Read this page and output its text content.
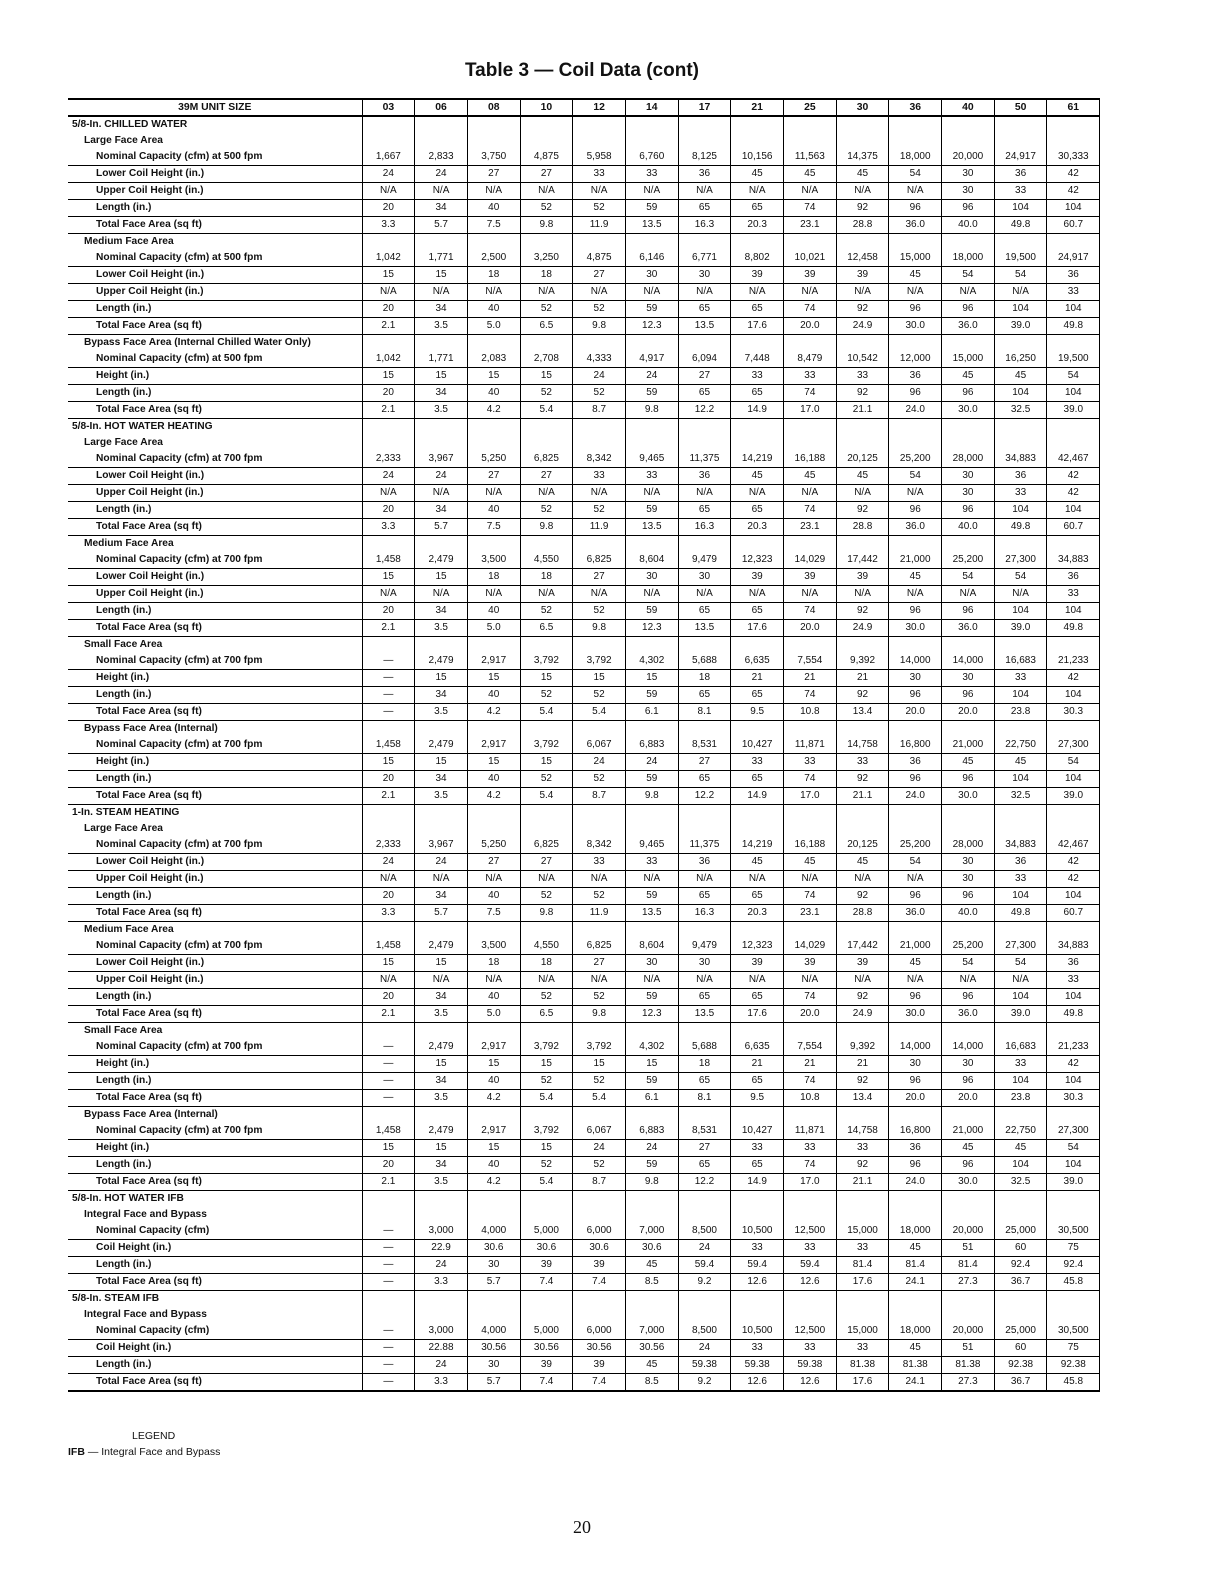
Table 3 — Coil Data (cont)
39M UNIT SIZE	03	06	08	10	12	14	17	21	25	30	36	40	50	61
5/8-In. CHILLED WATER														
Large Face Area														
Nominal Capacity (cfm) at 500 fpm	1,667	2,833	3,750	4,875	5,958	6,760	8,125	10,156	11,563	14,375	18,000	20,000	24,917	30,333
Lower Coil Height (in.)	24	24	27	27	33	33	36	45	45	45	54	30	36	42
Upper Coil Height (in.)	N/A	N/A	N/A	N/A	N/A	N/A	N/A	N/A	N/A	N/A	N/A	30	33	42
Length (in.)	20	34	40	52	52	59	65	65	74	92	96	96	104	104
Total Face Area (sq ft)	3.3	5.7	7.5	9.8	11.9	13.5	16.3	20.3	23.1	28.8	36.0	40.0	49.8	60.7
Medium Face Area														
Nominal Capacity (cfm) at 500 fpm	1,042	1,771	2,500	3,250	4,875	6,146	6,771	8,802	10,021	12,458	15,000	18,000	19,500	24,917
Lower Coil Height (in.)	15	15	18	18	27	30	30	39	39	39	45	54	54	36
Upper Coil Height (in.)	N/A	N/A	N/A	N/A	N/A	N/A	N/A	N/A	N/A	N/A	N/A	N/A	N/A	33
Length (in.)	20	34	40	52	52	59	65	65	74	92	96	96	104	104
Total Face Area (sq ft)	2.1	3.5	5.0	6.5	9.8	12.3	13.5	17.6	20.0	24.9	30.0	36.0	39.0	49.8
Bypass Face Area (Internal Chilled Water Only)														
Nominal Capacity (cfm) at 500 fpm	1,042	1,771	2,083	2,708	4,333	4,917	6,094	7,448	8,479	10,542	12,000	15,000	16,250	19,500
Height (in.)	15	15	15	15	24	24	27	33	33	33	36	45	45	54
Length (in.)	20	34	40	52	52	59	65	65	74	92	96	96	104	104
Total Face Area (sq ft)	2.1	3.5	4.2	5.4	8.7	9.8	12.2	14.9	17.0	21.1	24.0	30.0	32.5	39.0
5/8-In. HOT WATER HEATING														
Large Face Area														
Nominal Capacity (cfm) at 700 fpm	2,333	3,967	5,250	6,825	8,342	9,465	11,375	14,219	16,188	20,125	25,200	28,000	34,883	42,467
Lower Coil Height (in.)	24	24	27	27	33	33	36	45	45	45	54	30	36	42
Upper Coil Height (in.)	N/A	N/A	N/A	N/A	N/A	N/A	N/A	N/A	N/A	N/A	N/A	30	33	42
Length (in.)	20	34	40	52	52	59	65	65	74	92	96	96	104	104
Total Face Area (sq ft)	3.3	5.7	7.5	9.8	11.9	13.5	16.3	20.3	23.1	28.8	36.0	40.0	49.8	60.7
Medium Face Area														
Nominal Capacity (cfm) at 700 fpm	1,458	2,479	3,500	4,550	6,825	8,604	9,479	12,323	14,029	17,442	21,000	25,200	27,300	34,883
Lower Coil Height (in.)	15	15	18	18	27	30	30	39	39	39	45	54	54	36
Upper Coil Height (in.)	N/A	N/A	N/A	N/A	N/A	N/A	N/A	N/A	N/A	N/A	N/A	N/A	N/A	33
Length (in.)	20	34	40	52	52	59	65	65	74	92	96	96	104	104
Total Face Area (sq ft)	2.1	3.5	5.0	6.5	9.8	12.3	13.5	17.6	20.0	24.9	30.0	36.0	39.0	49.8
Small Face Area														
Nominal Capacity (cfm) at 700 fpm	—	2,479	2,917	3,792	3,792	4,302	5,688	6,635	7,554	9,392	14,000	14,000	16,683	21,233
Height (in.)	—	15	15	15	15	15	18	21	21	21	30	30	33	42
Length (in.)	—	34	40	52	52	59	65	65	74	92	96	96	104	104
Total Face Area (sq ft)	—	3.5	4.2	5.4	5.4	6.1	8.1	9.5	10.8	13.4	20.0	20.0	23.8	30.3
Bypass Face Area (Internal)														
Nominal Capacity (cfm) at 700 fpm	1,458	2,479	2,917	3,792	6,067	6,883	8,531	10,427	11,871	14,758	16,800	21,000	22,750	27,300
Height (in.)	15	15	15	15	24	24	27	33	33	33	36	45	45	54
Length (in.)	20	34	40	52	52	59	65	65	74	92	96	96	104	104
Total Face Area (sq ft)	2.1	3.5	4.2	5.4	8.7	9.8	12.2	14.9	17.0	21.1	24.0	30.0	32.5	39.0
1-In. STEAM HEATING														
Large Face Area														
Nominal Capacity (cfm) at 700 fpm	2,333	3,967	5,250	6,825	8,342	9,465	11,375	14,219	16,188	20,125	25,200	28,000	34,883	42,467
Lower Coil Height (in.)	24	24	27	27	33	33	36	45	45	45	54	30	36	42
Upper Coil Height (in.)	N/A	N/A	N/A	N/A	N/A	N/A	N/A	N/A	N/A	N/A	N/A	30	33	42
Length (in.)	20	34	40	52	52	59	65	65	74	92	96	96	104	104
Total Face Area (sq ft)	3.3	5.7	7.5	9.8	11.9	13.5	16.3	20.3	23.1	28.8	36.0	40.0	49.8	60.7
Medium Face Area														
Nominal Capacity (cfm) at 700 fpm	1,458	2,479	3,500	4,550	6,825	8,604	9,479	12,323	14,029	17,442	21,000	25,200	27,300	34,883
Lower Coil Height (in.)	15	15	18	18	27	30	30	39	39	39	45	54	54	36
Upper Coil Height (in.)	N/A	N/A	N/A	N/A	N/A	N/A	N/A	N/A	N/A	N/A	N/A	N/A	N/A	33
Length (in.)	20	34	40	52	52	59	65	65	74	92	96	96	104	104
Total Face Area (sq ft)	2.1	3.5	5.0	6.5	9.8	12.3	13.5	17.6	20.0	24.9	30.0	36.0	39.0	49.8
Small Face Area														
Nominal Capacity (cfm) at 700 fpm	—	2,479	2,917	3,792	3,792	4,302	5,688	6,635	7,554	9,392	14,000	14,000	16,683	21,233
Height (in.)	—	15	15	15	15	15	18	21	21	21	30	30	33	42
Length (in.)	—	34	40	52	52	59	65	65	74	92	96	96	104	104
Total Face Area (sq ft)	—	3.5	4.2	5.4	5.4	6.1	8.1	9.5	10.8	13.4	20.0	20.0	23.8	30.3
Bypass Face Area (Internal)														
Nominal Capacity (cfm) at 700 fpm	1,458	2,479	2,917	3,792	6,067	6,883	8,531	10,427	11,871	14,758	16,800	21,000	22,750	27,300
Height (in.)	15	15	15	15	24	24	27	33	33	33	36	45	45	54
Length (in.)	20	34	40	52	52	59	65	65	74	92	96	96	104	104
Total Face Area (sq ft)	2.1	3.5	4.2	5.4	8.7	9.8	12.2	14.9	17.0	21.1	24.0	30.0	32.5	39.0
5/8-In. HOT WATER IFB														
Integral Face and Bypass														
Nominal Capacity (cfm)	—	3,000	4,000	5,000	6,000	7,000	8,500	10,500	12,500	15,000	18,000	20,000	25,000	30,500
Coil Height (in.)	—	22.9	30.6	30.6	30.6	30.6	24	33	33	33	45	51	60	75
Length (in.)	—	24	30	39	39	45	59.4	59.4	59.4	81.4	81.4	81.4	92.4	92.4
Total Face Area (sq ft)	—	3.3	5.7	7.4	7.4	8.5	9.2	12.6	12.6	17.6	24.1	27.3	36.7	45.8
5/8-In. STEAM IFB														
Integral Face and Bypass														
Nominal Capacity (cfm)	—	3,000	4,000	5,000	6,000	7,000	8,500	10,500	12,500	15,000	18,000	20,000	25,000	30,500
Coil Height (in.)	—	22.88	30.56	30.56	30.56	30.56	24	33	33	33	45	51	60	75
Length (in.)	—	24	30	39	39	45	59.38	59.38	59.38	81.38	81.38	81.38	92.38	92.38
Total Face Area (sq ft)	—	3.3	5.7	7.4	7.4	8.5	9.2	12.6	12.6	17.6	24.1	27.3	36.7	45.8
LEGEND
IFB — Integral Face and Bypass
20
